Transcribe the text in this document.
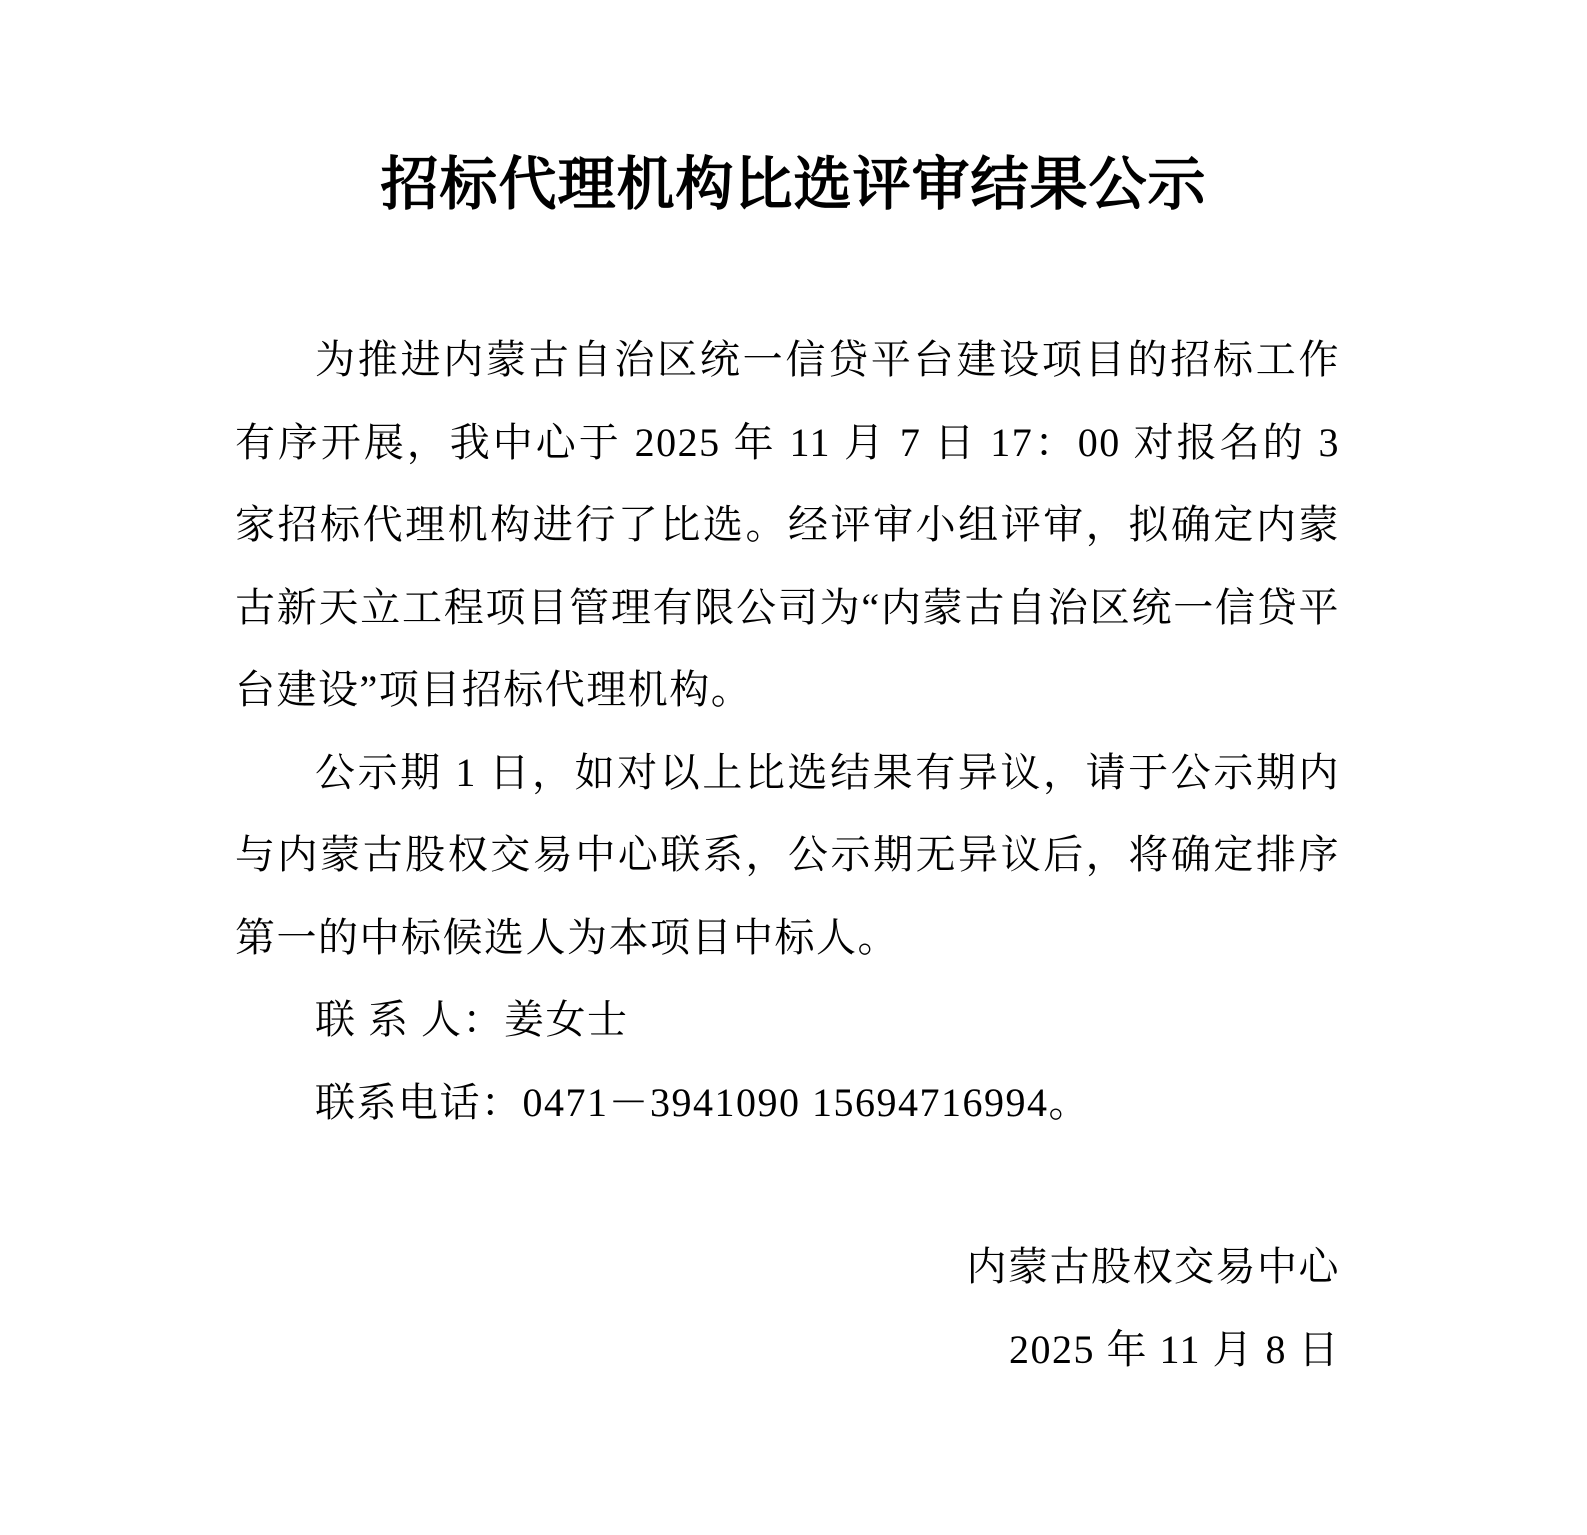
招标代理机构比选评审结果公示

为推进内蒙古自治区统一信贷平台建设项目的招标工作有序开展，我中心于 2025 年 11 月 7 日 17：00 对报名的 3 家招标代理机构进行了比选。经评审小组评审，拟确定内蒙古新天立工程项目管理有限公司为“内蒙古自治区统一信贷平台建设”项目招标代理机构。

公示期 1 日，如对以上比选结果有异议，请于公示期内与内蒙古股权交易中心联系，公示期无异议后，将确定排序第一的中标候选人为本项目中标人。

联 系 人：姜女士

联系电话：0471－3941090 15694716994。

内蒙古股权交易中心

2025 年 11 月 8 日
